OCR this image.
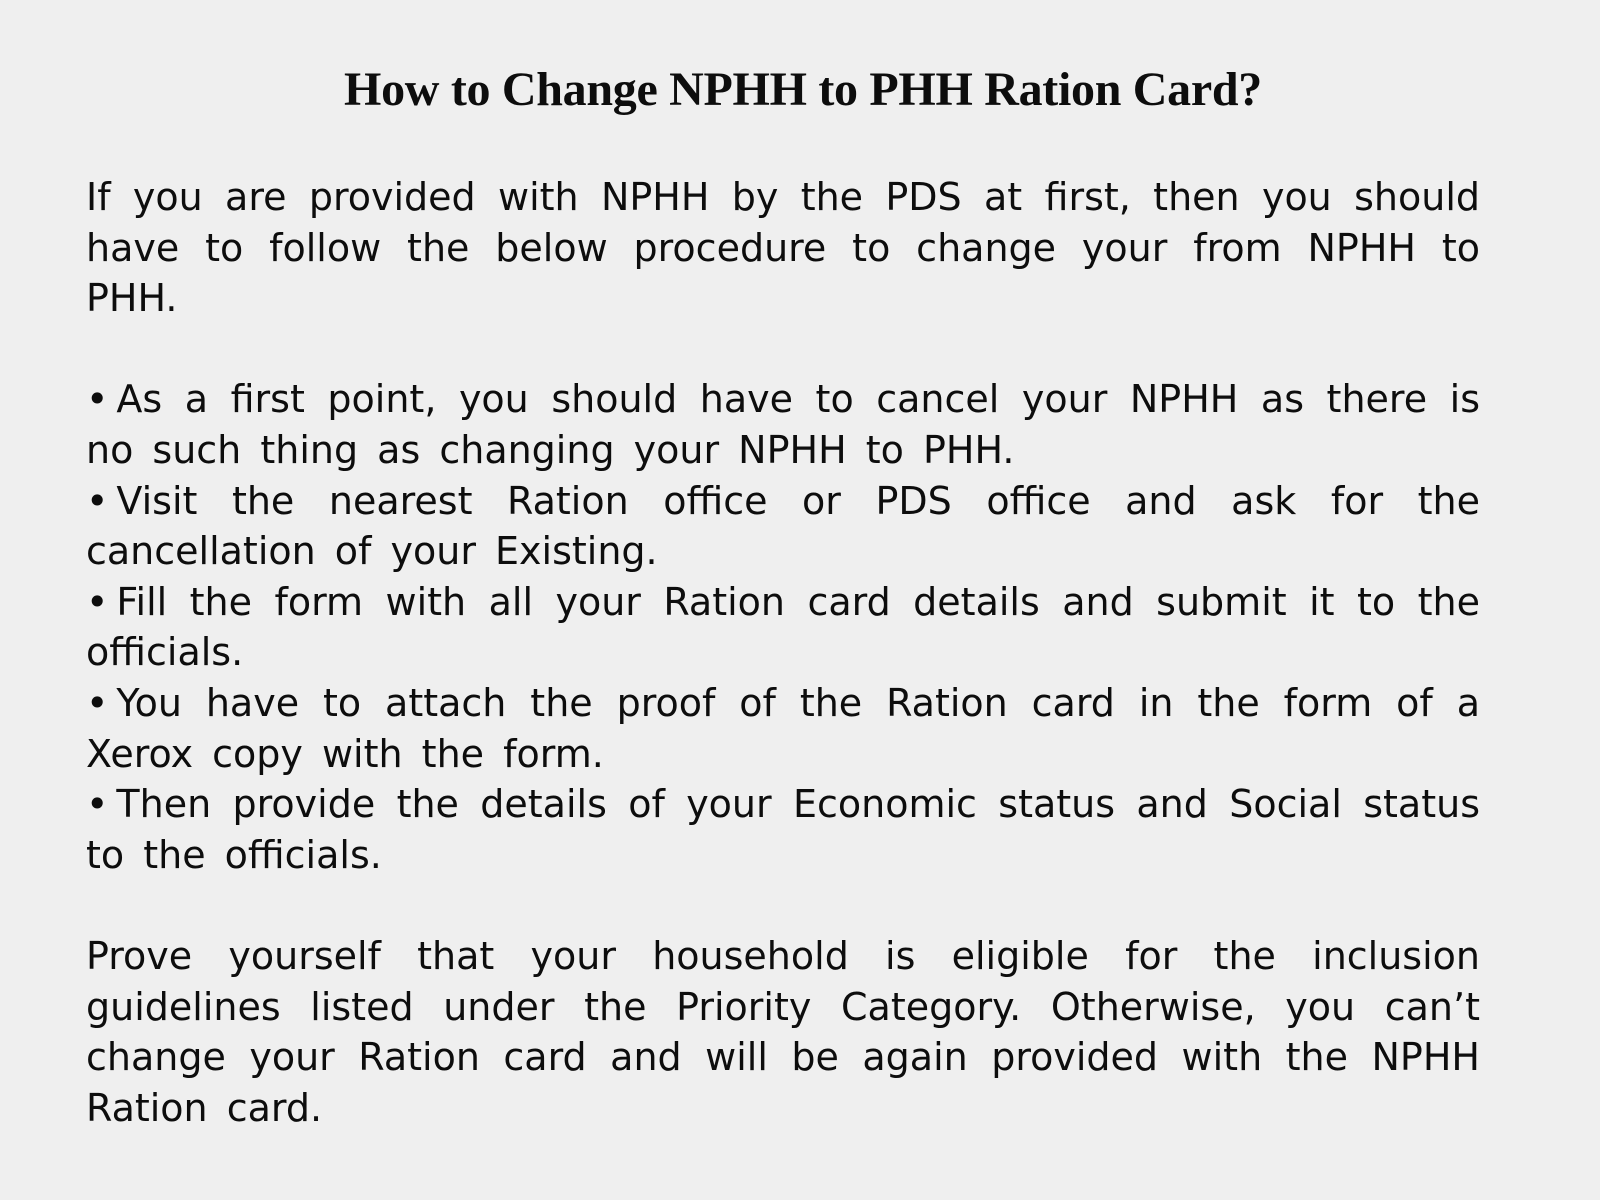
How to Change NPHH to PHH Ration Card?

If you are provided with NPHH by the PDS at first, then you should have to follow the below procedure to change your from NPHH to PHH.

• As a first point, you should have to cancel your NPHH as there is no such thing as changing your NPHH to PHH.
• Visit the nearest Ration office or PDS office and ask for the cancellation of your Existing.
• Fill the form with all your Ration card details and submit it to the officials.
• You have to attach the proof of the Ration card in the form of a Xerox copy with the form.
• Then provide the details of your Economic status and Social status to the officials.

Prove yourself that your household is eligible for the inclusion guidelines listed under the Priority Category. Otherwise, you can’t change your Ration card and will be again provided with the NPHH Ration card.
